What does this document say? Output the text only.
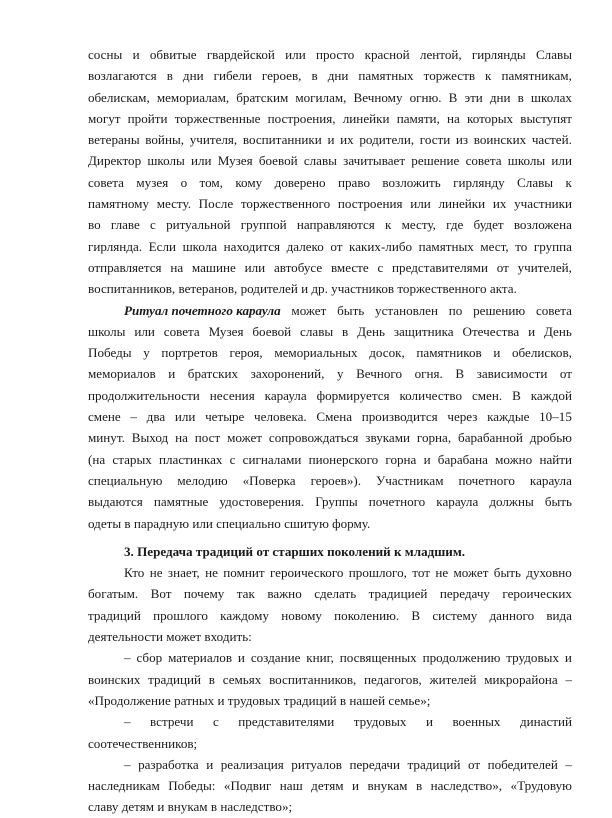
сосны и обвитые гвардейской или просто красной лентой, гирлянды Славы
возлагаются в дни гибели героев, в дни памятных торжеств к памятникам,
обелискам, мемориалам, братским могилам, Вечному огню. В эти дни в школах
могут пройти торжественные построения, линейки памяти, на которых выступят
ветераны войны, учителя, воспитанники и их родители, гости из воинских частей.
Директор школы или Музея боевой славы зачитывает решение совета школы или
совета музея о том, кому доверено право возложить гирлянду Славы к
памятному месту. После торжественного построения или линейки их участники
во главе с ритуальной группой направляются к месту, где будет возложена
гирлянда. Если школа находится далеко от каких-либо памятных мест, то группа
отправляется на машине или автобусе вместе с представителями от учителей,
воспитанников, ветеранов, родителей и др. участников торжественного акта.
Ритуал почетного караула может быть установлен по решению совета
школы или совета Музея боевой славы в День защитника Отечества и День
Победы у портретов героя, мемориальных досок, памятников и обелисков,
мемориалов и братских захоронений, у Вечного огня. В зависимости от
продолжительности несения караула формируется количество смен. В каждой
смене – два или четыре человека. Смена производится через каждые 10–15
минут. Выход на пост может сопровождаться звуками горна, барабанной дробью
(на старых пластинках с сигналами пионерского горна и барабана можно найти
специальную мелодию «Поверка героев»). Участникам почетного караула
выдаются памятные удостоверения. Группы почетного караула должны быть
одеты в парадную или специально сшитую форму.
3. Передача традиций от старших поколений к младшим.
Кто не знает, не помнит героического прошлого, тот не может быть духовно
богатым. Вот почему так важно сделать традицией передачу героических
традиций прошлого каждому новому поколению. В систему данного вида
деятельности может входить:
– сбор материалов и создание книг, посвященных продолжению трудовых и
воинских традиций в семьях воспитанников, педагогов, жителей микрорайона –
«Продолжение ратных и трудовых традиций в нашей семье»;
– встречи с представителями трудовых и военных династий
соотечественников;
– разработка и реализация ритуалов передачи традиций от победителей –
наследникам Победы: «Подвиг наш детям и внукам в наследство», «Трудовую
славу детям и внукам в наследство»;
